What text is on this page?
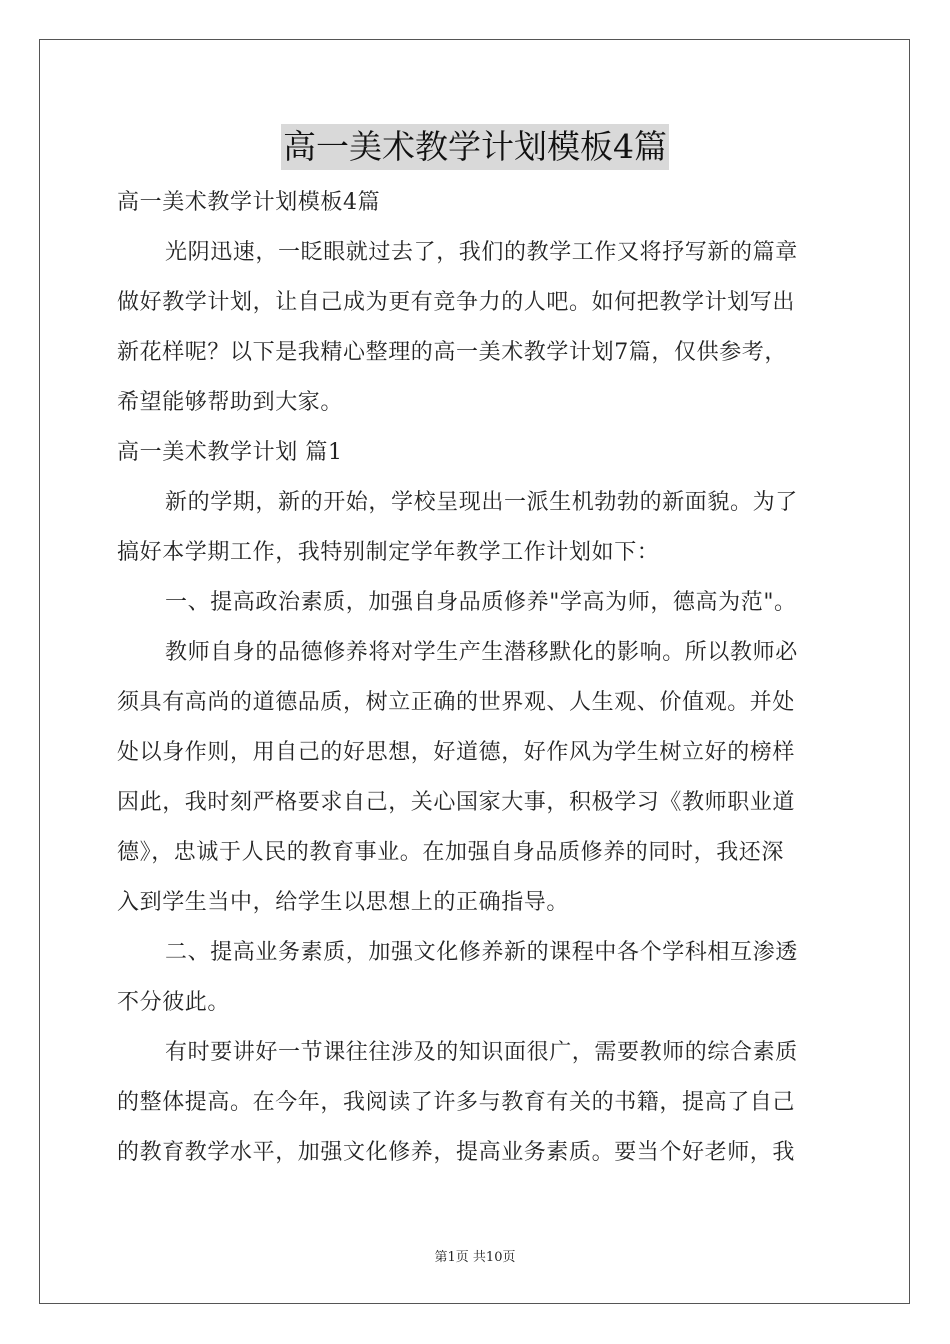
高一美术教学计划模板4篇
高一美术教学计划模板4篇
光阴迅速，一眨眼就过去了，我们的教学工作又将抒写新的篇章
做好教学计划，让自己成为更有竞争力的人吧。如何把教学计划写出
新花样呢？以下是我精心整理的高一美术教学计划7篇，仅供参考，
希望能够帮助到大家。
高一美术教学计划 篇1
新的学期，新的开始，学校呈现出一派生机勃勃的新面貌。为了
搞好本学期工作，我特别制定学年教学工作计划如下：
一、提高政治素质，加强自身品质修养"学高为师，德高为范"。
教师自身的品德修养将对学生产生潜移默化的影响。所以教师必
须具有高尚的道德品质，树立正确的世界观、人生观、价值观。并处
处以身作则，用自己的好思想，好道德，好作风为学生树立好的榜样
因此，我时刻严格要求自己，关心国家大事，积极学习《教师职业道
德》，忠诚于人民的教育事业。在加强自身品质修养的同时，我还深
入到学生当中，给学生以思想上的正确指导。
二、提高业务素质，加强文化修养新的课程中各个学科相互渗透
不分彼此。
有时要讲好一节课往往涉及的知识面很广，需要教师的综合素质
的整体提高。在今年，我阅读了许多与教育有关的书籍，提高了自己
的教育教学水平，加强文化修养，提高业务素质。要当个好老师，我
第1页 共10页
